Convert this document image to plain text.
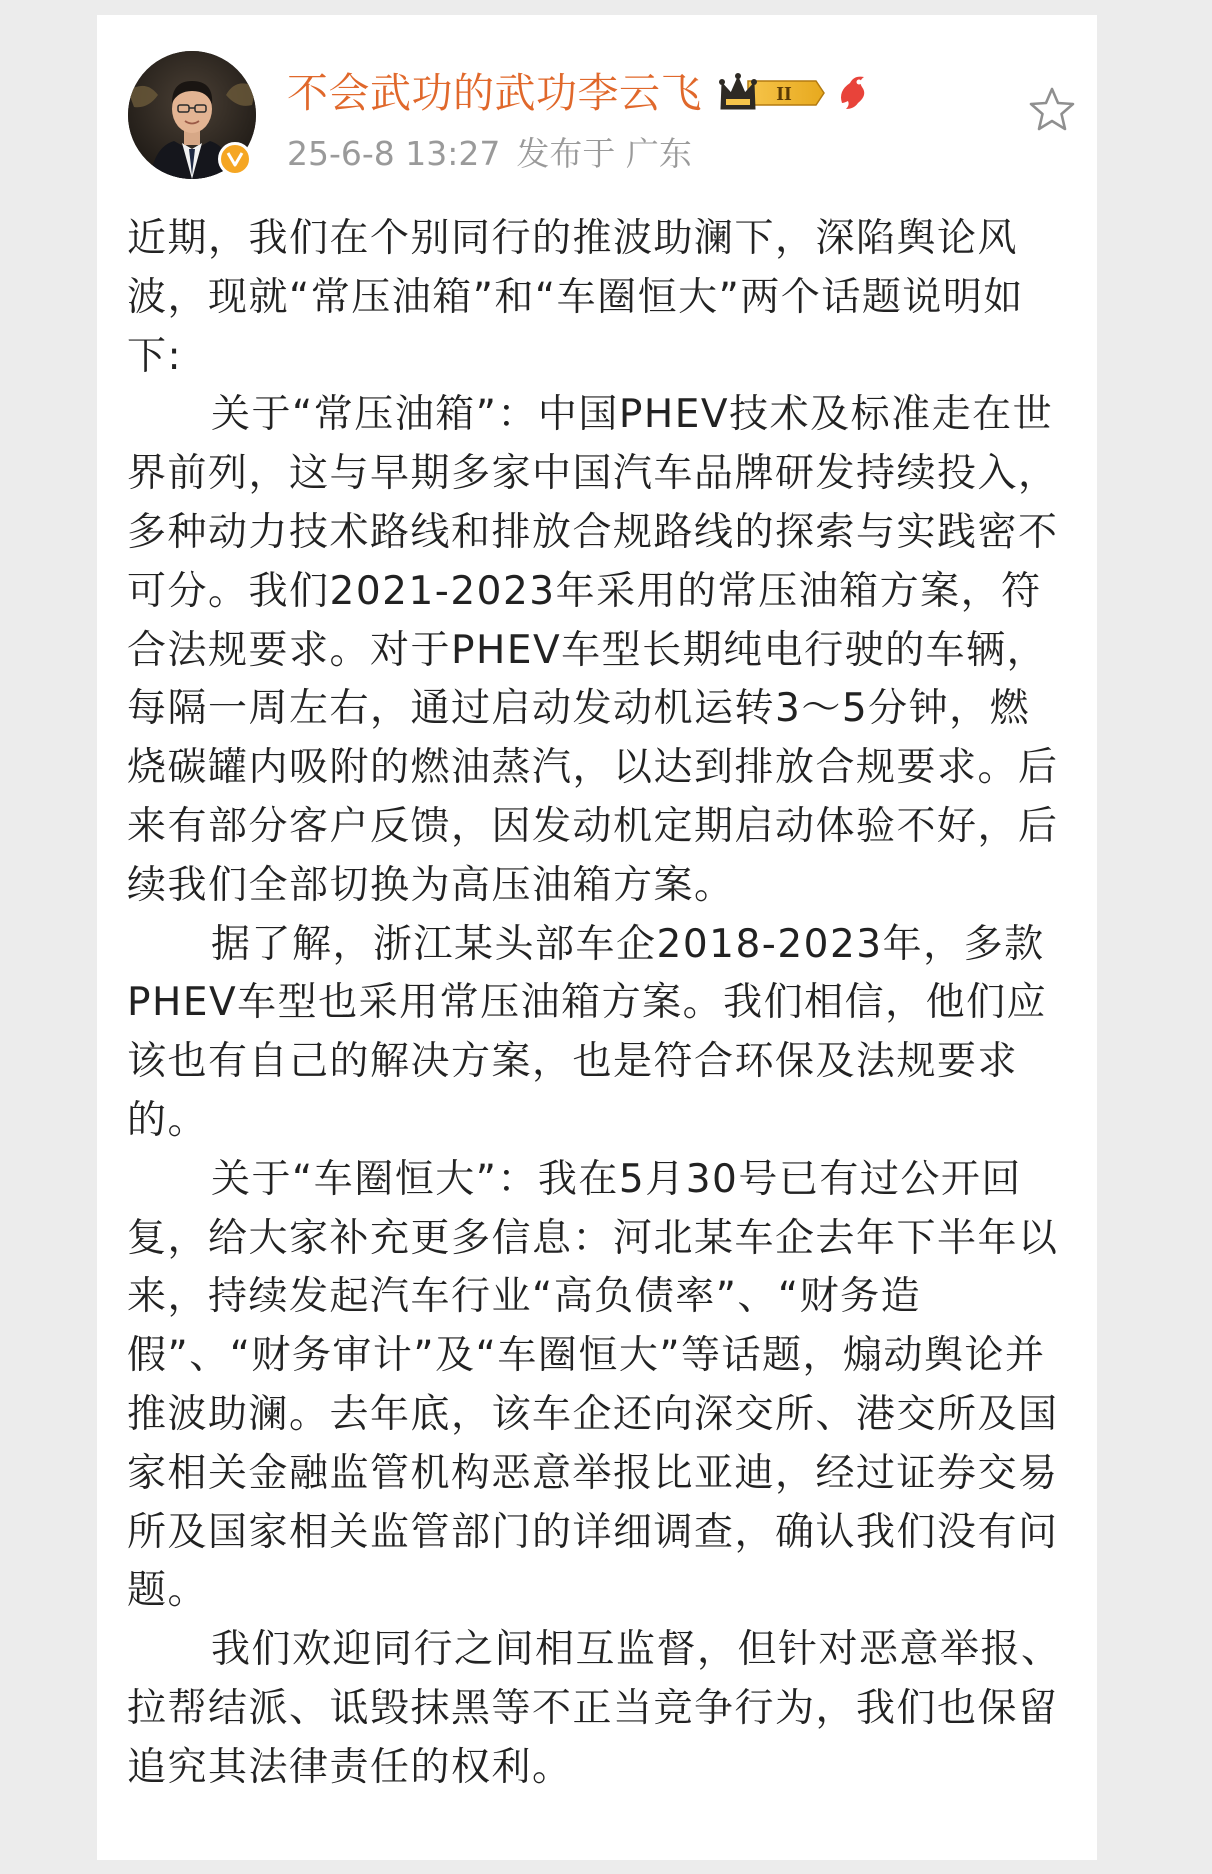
不会武功的武功李云飞	II
25-6-8 13:27 发布于 广东

近期，我们在个别同行的推波助澜下，深陷舆论风波，现就“常压油箱”和“车圈恒大”两个话题说明如下:

关于“常压油箱”：中国PHEV技术及标准走在世界前列，这与早期多家中国汽车品牌研发持续投入，多种动力技术路线和排放合规路线的探索与实践密不可分。我们2021-2023年采用的常压油箱方案，符合法规要求。对于PHEV车型长期纯电行驶的车辆，每隔一周左右，通过启动发动机运转3～5分钟，燃烧碳罐内吸附的燃油蒸汽，以达到排放合规要求。后来有部分客户反馈，因发动机定期启动体验不好，后续我们全部切换为高压油箱方案。

据了解，浙江某头部车企2018-2023年，多款PHEV车型也采用常压油箱方案。我们相信，他们应该也有自己的解决方案，也是符合环保及法规要求的。

关于“车圈恒大”：我在5月30号已有过公开回复，给大家补充更多信息：河北某车企去年下半年以来，持续发起汽车行业“高负债率”、“财务造假”、“财务审计”及“车圈恒大”等话题，煽动舆论并推波助澜。去年底，该车企还向深交所、港交所及国家相关金融监管机构恶意举报比亚迪，经过证券交易所及国家相关监管部门的详细调查，确认我们没有问题。

我们欢迎同行之间相互监督，但针对恶意举报、拉帮结派、诋毁抹黑等不正当竞争行为，我们也保留追究其法律责任的权利。
